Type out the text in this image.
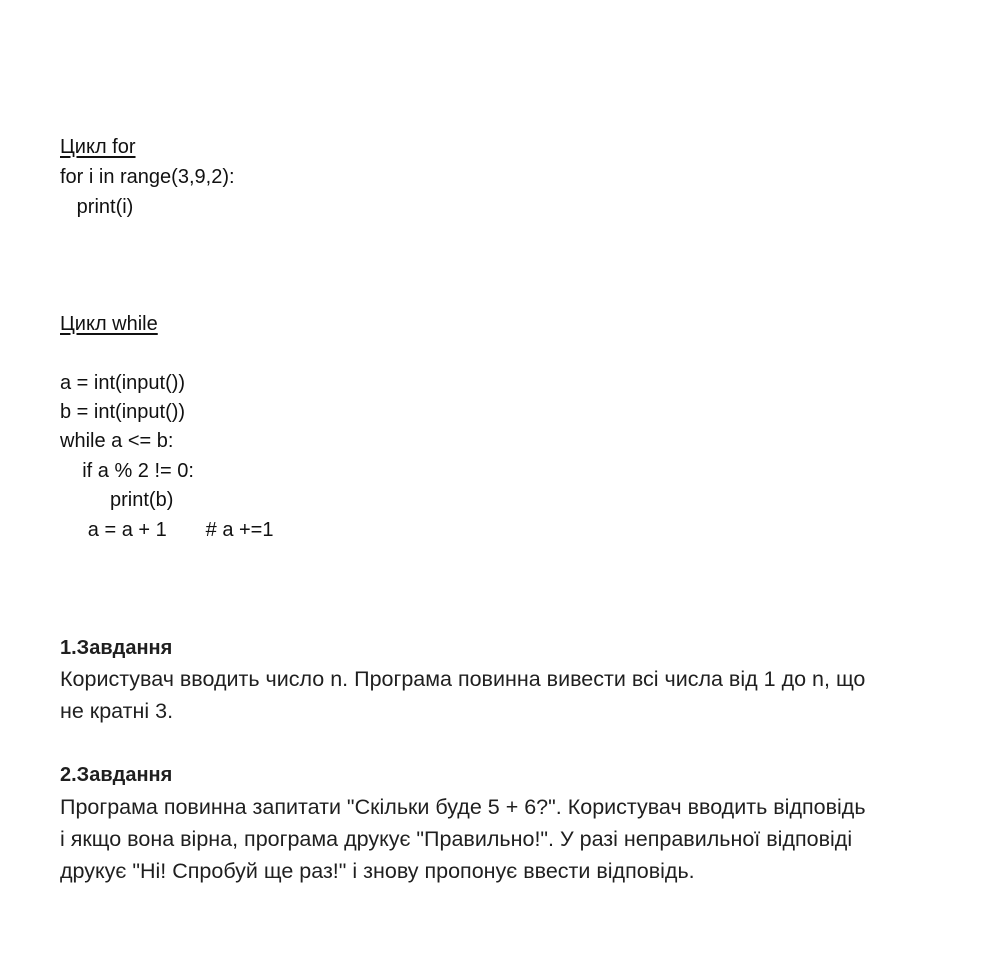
Цикл for
for i in range(3,9,2):
print(i)
Цикл while
a = int(input())
b = int(input())
while a <= b:
if a % 2 != 0:
print(b)
a = a + 1       # a +=1
1.Завдання
Користувач вводить число n. Програма повинна вивести всі числа від 1 до n, що
не кратні 3.
2.Завдання
Програма повинна запитати "Скільки буде 5 + 6?". Користувач вводить відповідь
і якщо вона вірна, програма друкує "Правильно!". У разі неправильної відповіді
друкує "Ні! Спробуй ще раз!" і знову пропонує ввести відповідь.
